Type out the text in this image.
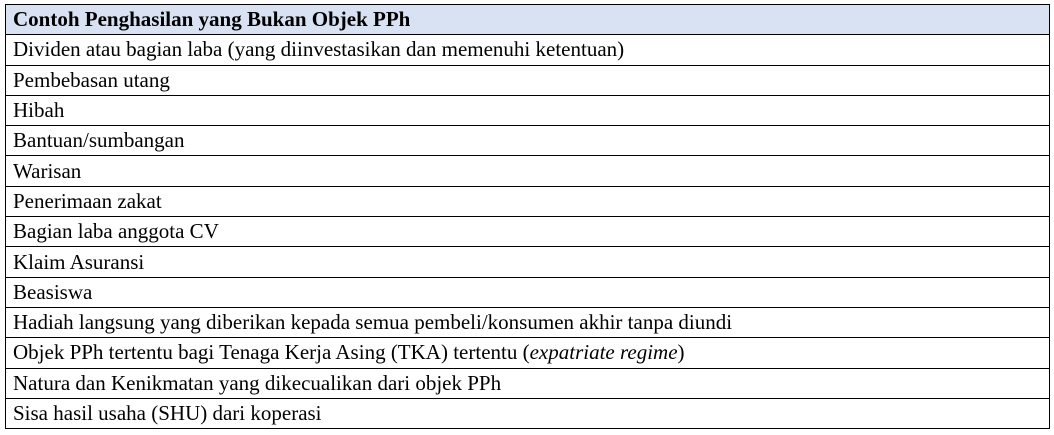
Contoh Penghasilan yang Bukan Objek PPh
Dividen atau bagian laba (yang diinvestasikan dan memenuhi ketentuan)
Pembebasan utang
Hibah
Bantuan/sumbangan
Warisan
Penerimaan zakat
Bagian laba anggota CV
Klaim Asuransi
Beasiswa
Hadiah langsung yang diberikan kepada semua pembeli/konsumen akhir tanpa diundi
Objek PPh tertentu bagi Tenaga Kerja Asing (TKA) tertentu (expatriate regime)
Natura dan Kenikmatan yang dikecualikan dari objek PPh
Sisa hasil usaha (SHU) dari koperasi
